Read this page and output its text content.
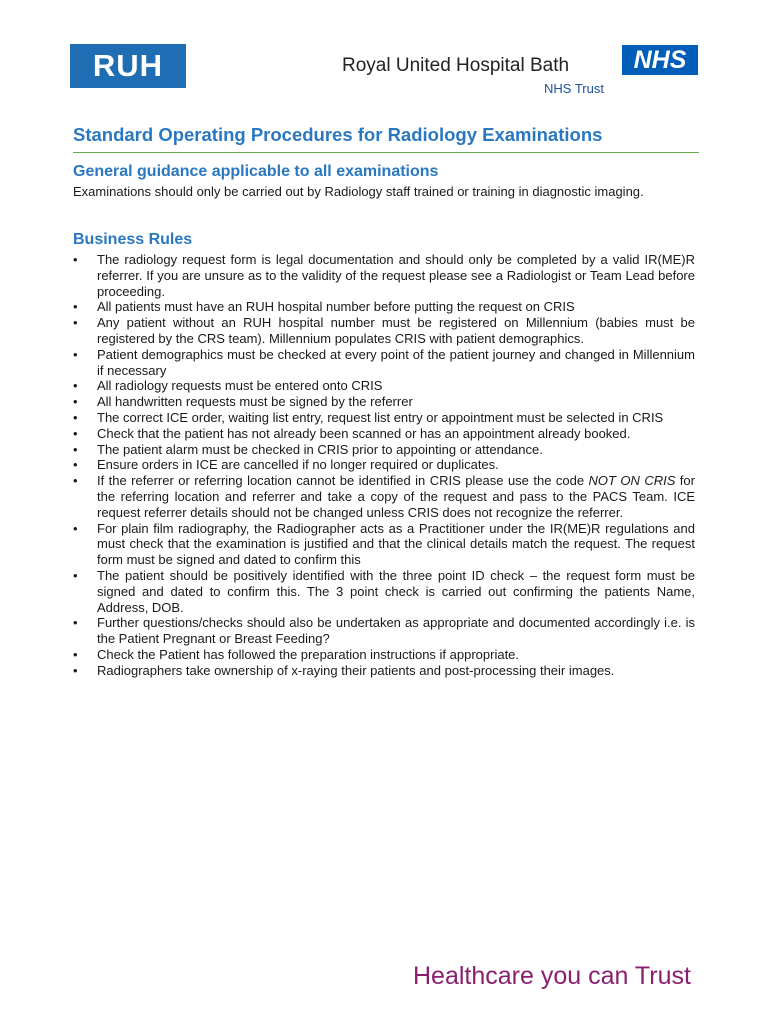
RUH	Royal United Hospital Bath	NHS
NHS Trust
Standard Operating Procedures for Radiology Examinations
General guidance applicable to all examinations

Examinations should only be carried out by Radiology staff trained or training in diagnostic imaging.

Business Rules
•	The radiology request form is legal documentation and should only be completed by a valid IR(ME)R referrer. If you are unsure as to the validity of the request please see a Radiologist or Team Lead before proceeding.
•	All patients must have an RUH hospital number before putting the request on CRIS
•	Any patient without an RUH hospital number must be registered on Millennium (babies must be registered by the CRS team). Millennium populates CRIS with patient demographics.
•	Patient demographics must be checked at every point of the patient journey and changed in Millennium if necessary
•	All radiology requests must be entered onto CRIS
•	All handwritten requests must be signed by the referrer
•	The correct ICE order, waiting list entry, request list entry or appointment must be selected in CRIS
•	Check that the patient has not already been scanned or has an appointment already booked.
•	The patient alarm must be checked in CRIS prior to appointing or attendance.
•	Ensure orders in ICE are cancelled if no longer required or duplicates.
•	If the referrer or referring location cannot be identified in CRIS please use the code NOT ON CRIS for the referring location and referrer and take a copy of the request and pass to the PACS Team. ICE request referrer details should not be changed unless CRIS does not recognize the referrer.
•	For plain film radiography, the Radiographer acts as a Practitioner under the IR(ME)R regulations and must check that the examination is justified and that the clinical details match the request. The request form must be signed and dated to confirm this
•	The patient should be positively identified with the three point ID check – the request form must be signed and dated to confirm this. The 3 point check is carried out confirming the patients Name, Address, DOB.
•	Further questions/checks should also be undertaken as appropriate and documented accordingly i.e. is the Patient Pregnant or Breast Feeding?
•	Check the Patient has followed the preparation instructions if appropriate.
•	Radiographers take ownership of x-raying their patients and post-processing their images.
Healthcare you can Trust
